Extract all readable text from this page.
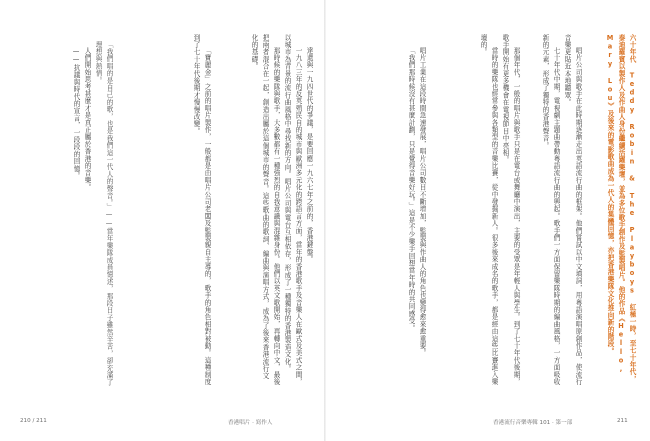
「我們唱的是自己的歌，也是我們這一代人的聲音。」——當年樂隊成員憶述，那段日子雖然辛苦，卻充滿了理想與熱情。

人們開始思考甚麼才是真正屬於香港的音樂。

——抗議與時代的宣言，一段段的回憶。	「寶麗金」之前的唱片製作，一般都是由唱片公司老闆及監製親自主導的，歌手的角色相對被動。這種制度到了七十年代後期才慢慢改變。	達還與一九四世代的爭議，是要回應一九六七年之前的，香港鍵盤。

一九八三年的反英殖民自的城市與歐洲多元化的跨語言方面，當年的香港歌手及音樂人在歐式及美式之間，以城市為背景的流行曲風格中尋找新的方向。唱片公司與電台互相依存，形成了一種獨特的香港製造文化。

那時候的樂隊與歌手，大多數都有一種強烈的自我意識與混雜身份。他們以英文歌開始，再轉向中文，最後把兩者混合在一起，創造出屬於這個城市的聲音。這些歌曲的歌詞、編曲與演唱方式，成為了後來香港流行文化的基礎。

210 / 211	香港唱片 · 寫作人

唱片工業在這段時間急速發展，唱片公司數目不斷增加，監製與作曲人的角色也變得愈來愈重要。

「我們那時候沒有甚麼計劃，只是覺得音樂好玩。」這是不少樂手回想當年時的共同感受。	那個年代，一般的唱片與歌手只是在電台或舞廳中演出，主要的受眾是年輕人與學生。到了七十年代後期，歌手開始有更多機會在電視節目中亮相。

當時的樂隊也經常參與各類型的音樂比賽，從中發掘新人。很多後來成名的歌手，都是經由這些比賽進入樂壇的。

唱片公司與歌手在此時期逐漸走出英語流行曲的框架。他們嘗試以中文填詞，用粵語演唱原創作品，使流行音樂更貼近本地聽眾。

七十年代中期，電視劇主題曲帶動粵語流行曲的興起。歌手們一方面保留樂隊時期的編曲風格，一方面吸收新的元素，形成了獨特的香港聲音。	六十年代 Teddy Robin & The Playboys 紅極一時，至七十年代，泰迪羅賓以製作人及作曲人身份繼續活躍樂壇，並為多位歌手創作及監製唱片。他的作品《Hello, Mary Lou》及後來的電影歌曲成為一代人的集體回憶，亦把香港樂隊文化推向新的階段。

香港流行音樂專輯 101 · 第一部	211
